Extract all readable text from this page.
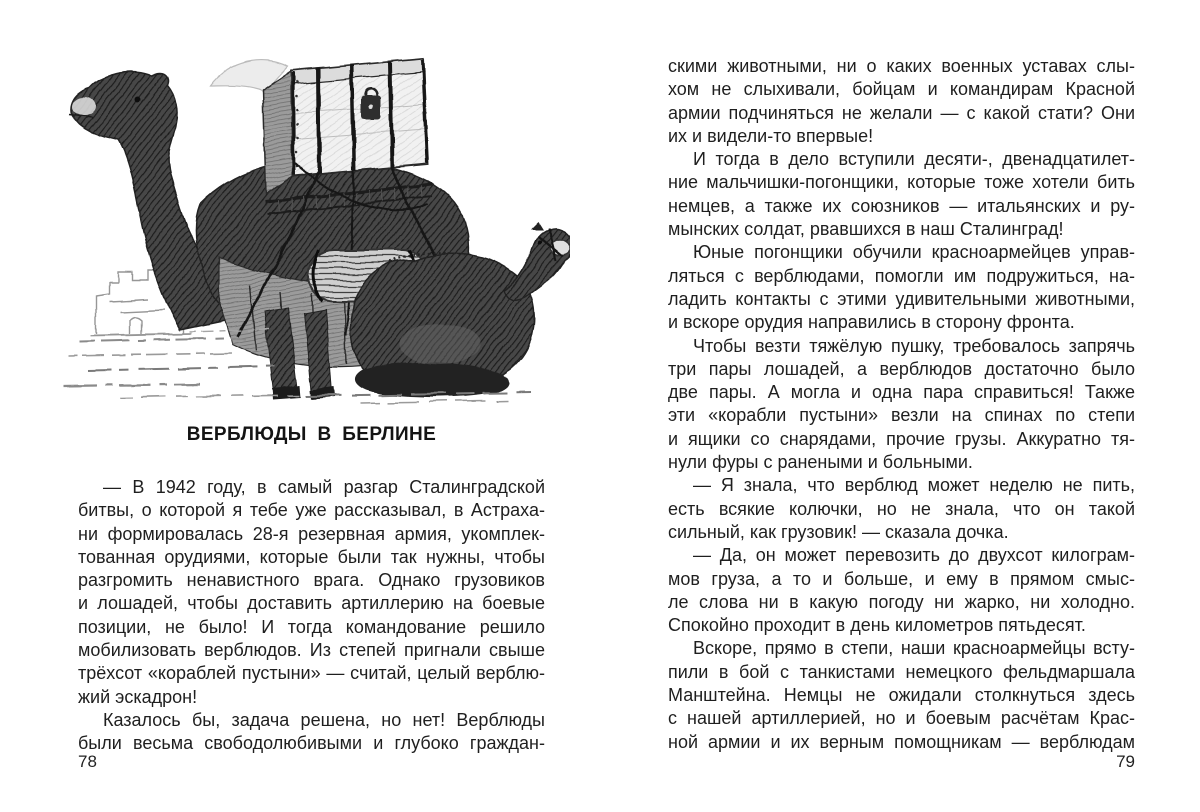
ВЕРБЛЮДЫ В БЕРЛИНЕ
— В 1942 году, в самый разгар Сталинградской
битвы, о которой я тебе уже рассказывал, в Астраха-
ни формировалась 28-я резервная армия, укомплек-
тованная орудиями, которые были так нужны, чтобы
разгромить ненавистного врага. Однако грузовиков
и лошадей, чтобы доставить артиллерию на боевые
позиции, не было! И тогда командование решило
мобилизовать верблюдов. Из степей пригнали свыше
трёхсот «кораблей пустыни» — считай, целый верблю-
жий эскадрон!
Казалось бы, задача решена, но нет! Верблюды
были весьма свободолюбивыми и глубоко граждан-
78
скими животными, ни о каких военных уставах слы-
хом не слыхивали, бойцам и командирам Красной
армии подчиняться не желали — с какой стати? Они
их и видели-то впервые!
И тогда в дело вступили десяти-, двенадцатилет-
ние мальчишки-погонщики, которые тоже хотели бить
немцев, а также их союзников — итальянских и ру-
мынских солдат, рвавшихся в наш Сталинград!
Юные погонщики обучили красноармейцев управ-
ляться с верблюдами, помогли им подружиться, на-
ладить контакты с этими удивительными животными,
и вскоре орудия направились в сторону фронта.
Чтобы везти тяжёлую пушку, требовалось запрячь
три пары лошадей, а верблюдов достаточно было
две пары. А могла и одна пара справиться! Также
эти «корабли пустыни» везли на спинах по степи
и ящики со снарядами, прочие грузы. Аккуратно тя-
нули фуры с ранеными и больными.
— Я знала, что верблюд может неделю не пить,
есть всякие колючки, но не знала, что он такой
сильный, как грузовик! — сказала дочка.
— Да, он может перевозить до двухсот килограм-
мов груза, а то и больше, и ему в прямом смыс-
ле слова ни в какую погоду ни жарко, ни холодно.
Спокойно проходит в день километров пятьдесят.
Вскоре, прямо в степи, наши красноармейцы всту-
пили в бой с танкистами немецкого фельдмаршала
Манштейна. Немцы не ожидали столкнуться здесь
с нашей артиллерией, но и боевым расчётам Крас-
ной армии и их верным помощникам — верблюдам
79
